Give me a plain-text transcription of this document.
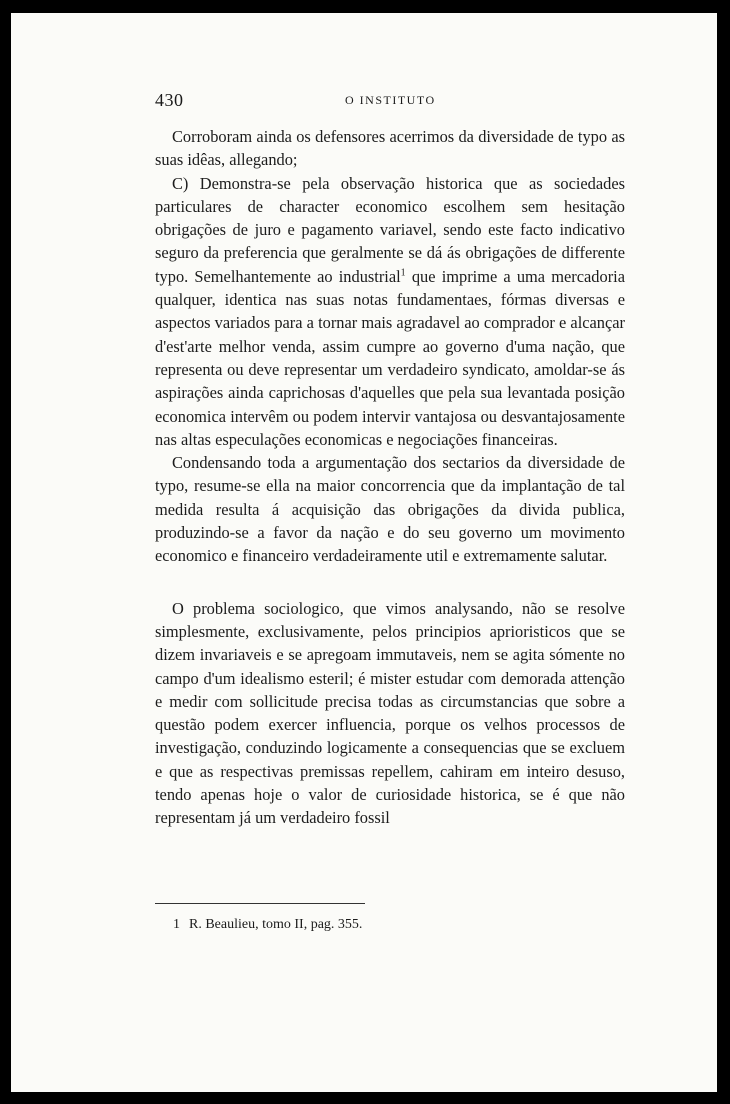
430	O INSTITUTO

Corroboram ainda os defensores acerrimos da diversidade de typo as suas idêas, allegando;

C) Demonstra-se pela observação historica que as sociedades particulares de character economico escolhem sem hesitação obrigações de juro e pagamento variavel, sendo este facto indicativo seguro da preferencia que geralmente se dá ás obrigações de differente typo. Semelhantemente ao industrial$^1$ que imprime a uma mercadoria qualquer, identica nas suas notas fundamentaes, fórmas diversas e aspectos variados para a tornar mais agradavel ao comprador e alcançar d'est'arte melhor venda, assim cumpre ao governo d'uma nação, que representa ou deve representar um verdadeiro syndicato, amoldar-se ás aspirações ainda caprichosas d'aquelles que pela sua levantada posição economica intervêm ou podem intervir vantajosa ou desvantajosamente nas altas especulações economicas e negociações financeiras.

Condensando toda a argumentação dos sectarios da diversidade de typo, resume-se ella na maior concorrencia que da implantação de tal medida resulta á acquisição das obrigações da divida publica, produzindo-se a favor da nação e do seu governo um movimento economico e financeiro verdadeiramente util e extremamente salutar.

O problema sociologico, que vimos analysando, não se resolve simplesmente, exclusivamente, pelos principios aprioristicos que se dizem invariaveis e se apregoam immutaveis, nem se agita sómente no campo d'um idealismo esteril; é mister estudar com demorada attenção e medir com sollicitude precisa todas as circumstancias que sobre a questão podem exercer influencia, porque os velhos processos de investigação, conduzindo logicamente a consequencias que se excluem e que as respectivas premissas repellem, cahiram em inteiro desuso, tendo apenas hoje o valor de curiosidade historica, se é que não representam já um verdadeiro fossil

1 R. Beaulieu, tomo II, pag. 355.
